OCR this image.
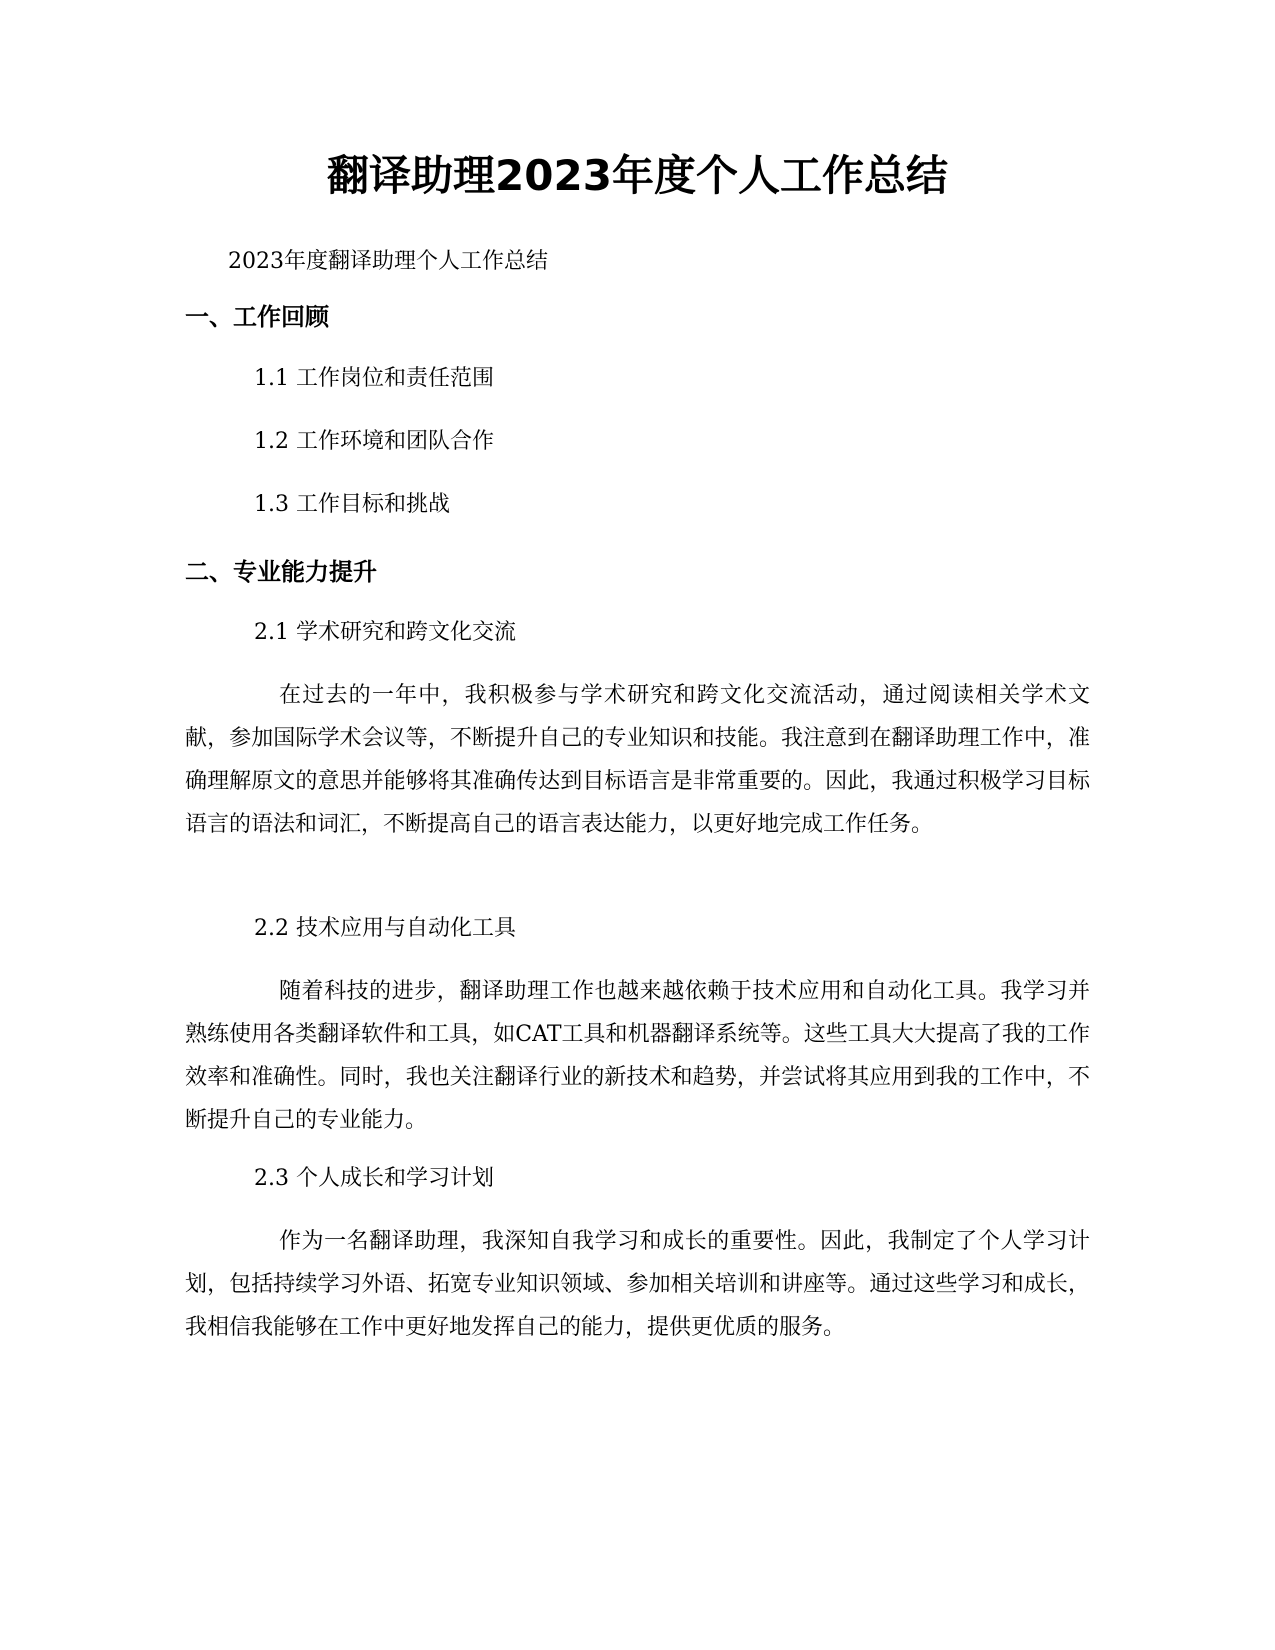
翻译助理2023年度个人工作总结

2023年度翻译助理个人工作总结

一、工作回顾

1.1 工作岗位和责任范围

1.2 工作环境和团队合作

1.3 工作目标和挑战

二、专业能力提升

2.1 学术研究和跨文化交流

在过去的一年中，我积极参与学术研究和跨文化交流活动，通过阅读相关学术文献，参加国际学术会议等，不断提升自己的专业知识和技能。我注意到在翻译助理工作中，准确理解原文的意思并能够将其准确传达到目标语言是非常重要的。因此，我通过积极学习目标语言的语法和词汇，不断提高自己的语言表达能力，以更好地完成工作任务。

2.2 技术应用与自动化工具

随着科技的进步，翻译助理工作也越来越依赖于技术应用和自动化工具。我学习并熟练使用各类翻译软件和工具，如CAT工具和机器翻译系统等。这些工具大大提高了我的工作效率和准确性。同时，我也关注翻译行业的新技术和趋势，并尝试将其应用到我的工作中，不断提升自己的专业能力。

2.3 个人成长和学习计划

作为一名翻译助理，我深知自我学习和成长的重要性。因此，我制定了个人学习计划，包括持续学习外语、拓宽专业知识领域、参加相关培训和讲座等。通过这些学习和成长，我相信我能够在工作中更好地发挥自己的能力，提供更优质的服务。
